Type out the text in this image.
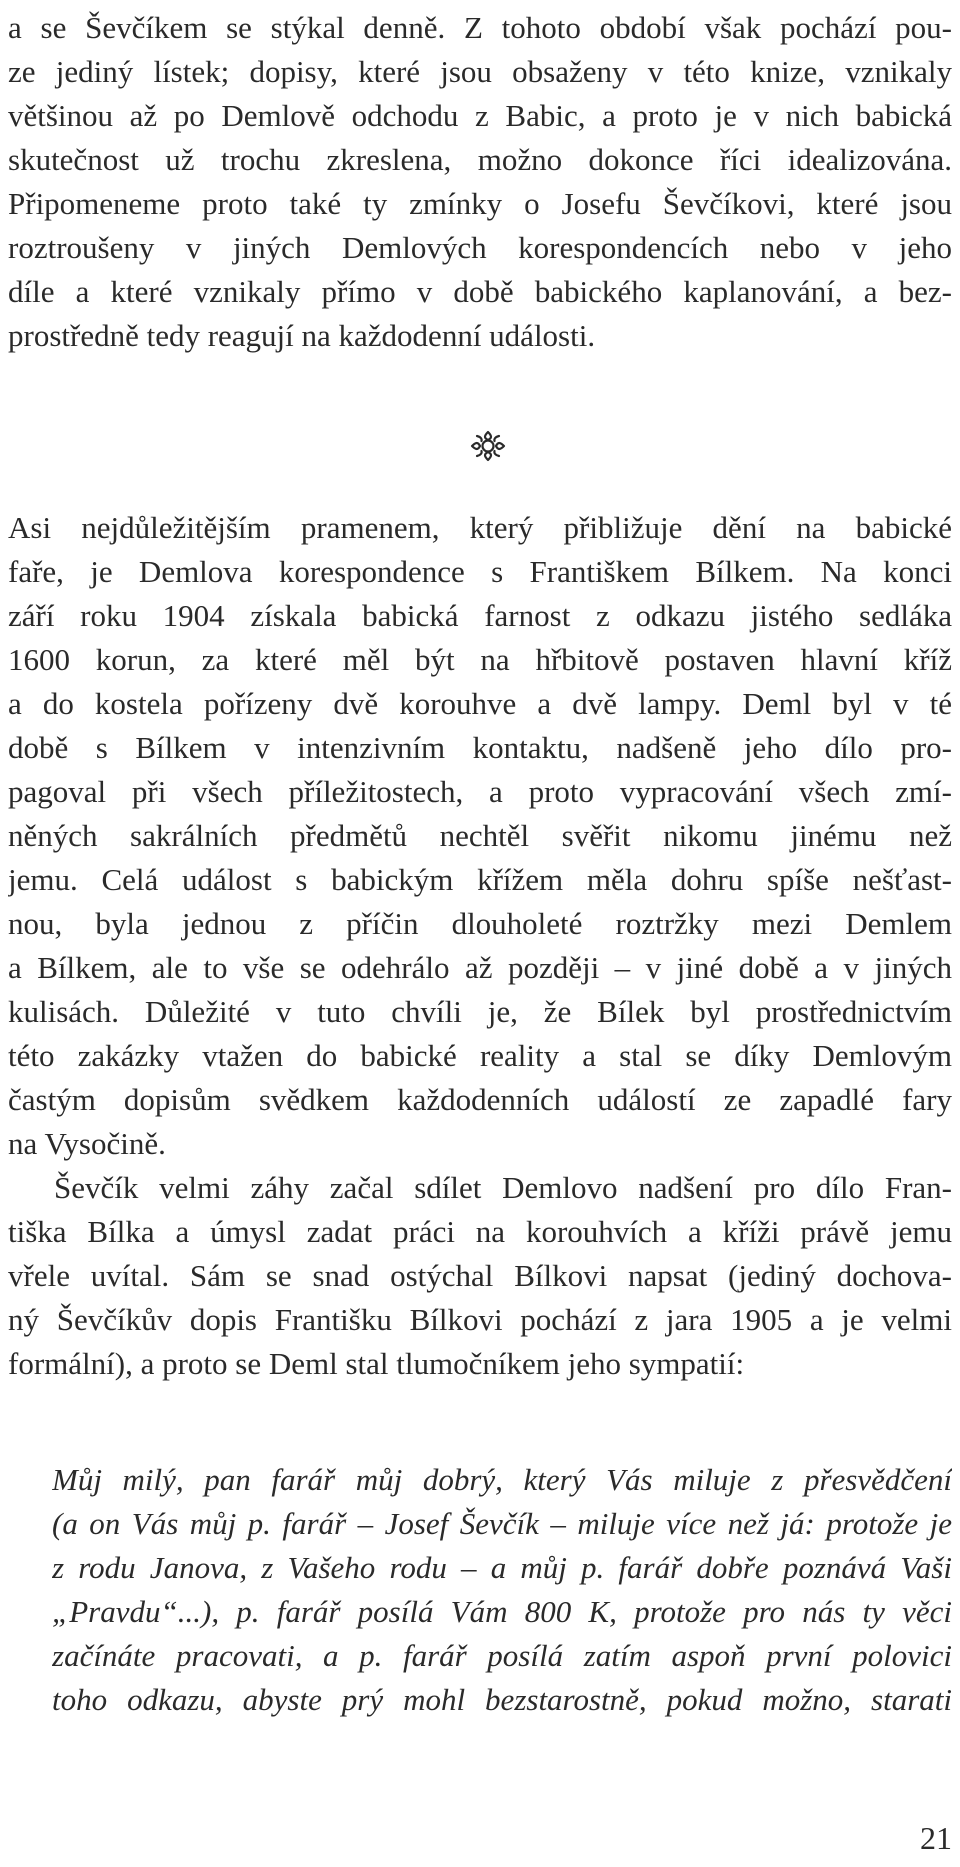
a se Ševčíkem se stýkal denně. Z tohoto období však pochází pou-
ze jediný lístek; dopisy, které jsou obsaženy v této knize, vznikaly
většinou až po Demlově odchodu z Babic, a proto je v nich babická
skutečnost už trochu zkreslena, možno dokonce říci idealizována.
Připomeneme proto také ty zmínky o Josefu Ševčíkovi, které jsou
roztroušeny v jiných Demlových korespondencích nebo v jeho
díle a které vznikaly přímo v době babického kaplanování, a bez-
prostředně tedy reagují na každodenní události.
Asi nejdůležitějším pramenem, který přibližuje dění na babické
faře, je Demlova korespondence s Františkem Bílkem. Na konci
září roku 1904 získala babická farnost z odkazu jistého sedláka
1600 korun, za které měl být na hřbitově postaven hlavní kříž
a do kostela pořízeny dvě korouhve a dvě lampy. Deml byl v té
době s Bílkem v intenzivním kontaktu, nadšeně jeho dílo pro-
pagoval při všech příležitostech, a proto vypracování všech zmí-
něných sakrálních předmětů nechtěl svěřit nikomu jinému než
jemu. Celá událost s babickým křížem měla dohru spíše nešťast-
nou, byla jednou z příčin dlouholeté roztržky mezi Demlem
a Bílkem, ale to vše se odehrálo až později – v jiné době a v jiných
kulisách. Důležité v tuto chvíli je, že Bílek byl prostřednictvím
této zakázky vtažen do babické reality a stal se díky Demlovým
častým dopisům svědkem každodenních událostí ze zapadlé fary
na Vysočině.
Ševčík velmi záhy začal sdílet Demlovo nadšení pro dílo Fran-
tiška Bílka a úmysl zadat práci na korouhvích a kříži právě jemu
vřele uvítal. Sám se snad ostýchal Bílkovi napsat (jediný dochova-
ný Ševčíkův dopis Františku Bílkovi pochází z jara 1905 a je velmi
formální), a proto se Deml stal tlumočníkem jeho sympatií:
Můj milý, pan farář můj dobrý, který Vás miluje z přesvědčení
(a on Vás můj p. farář – Josef Ševčík – miluje více než já: protože je
z rodu Janova, z Vašeho rodu – a můj p. farář dobře poznává Vaši
„Pravdu“...), p. farář posílá Vám 800 K, protože pro nás ty věci
začínáte pracovati, a p. farář posílá zatím aspoň první polovici
toho odkazu, abyste prý mohl bezstarostně, pokud možno, starati
21
